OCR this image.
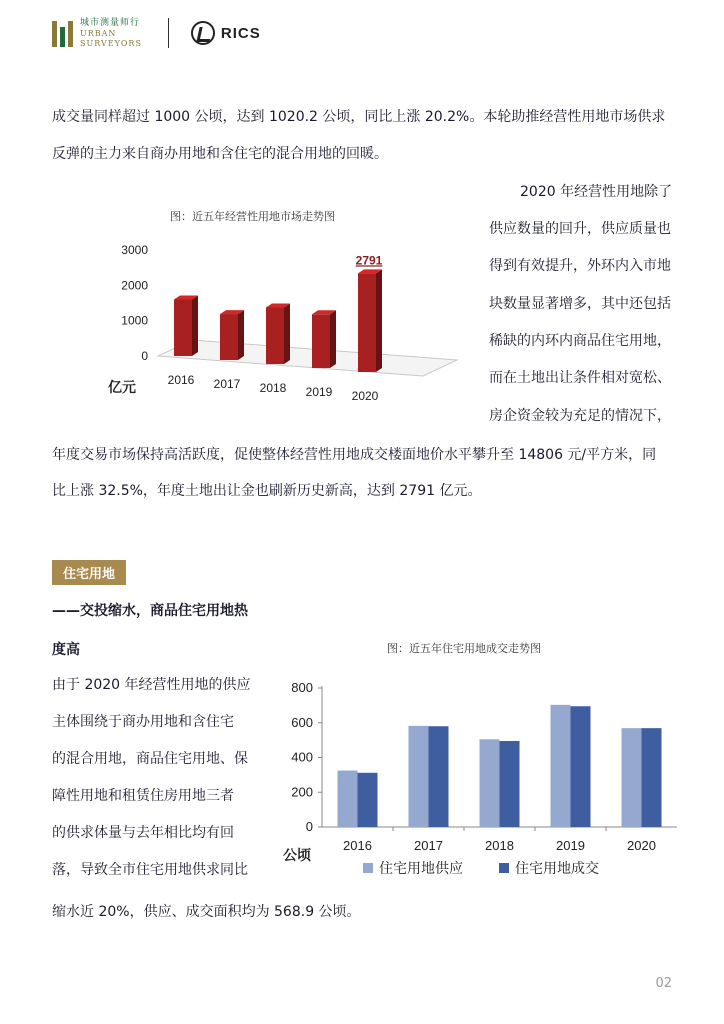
城市测量师行
URBAN
SURVEYORS
RICS
成交量同样超过 1000 公顷，达到 1020.2 公顷，同比上涨 20.2%。本轮助推经营性用地市场供求
反弹的主力来自商办用地和含住宅的混合用地的回暖。
图：近五年经营性用地市场走势图
0
1000
2000
3000
亿元	2016 2017 2018 2019 2020
2791
2020 年经营性用地除了
供应数量的回升，供应质量也
得到有效提升，外环内入市地
块数量显著增多，其中还包括
稀缺的内环内商品住宅用地，
而在土地出让条件相对宽松、
房企资金较为充足的情况下，
年度交易市场保持高活跃度，促使整体经营性用地成交楼面地价水平攀升至 14806 元/平方米，同
比上涨 32.5%，年度土地出让金也刷新历史新高，达到 2791 亿元。
住宅用地
——交投缩水，商品住宅用地热
度高	图：近五年住宅用地成交走势图
由于 2020 年经营性用地的供应
主体围绕于商办用地和含住宅
的混合用地，商品住宅用地、保
障性用地和租赁住房用地三者
的供求体量与去年相比均有回
落，导致全市住宅用地供求同比
缩水近 20%，供应、成交面积均为 568.9 公顷。
0
200
400
600
800
2016	2017	2018	2019	2020
公顷
住宅用地供应	住宅用地成交
02
